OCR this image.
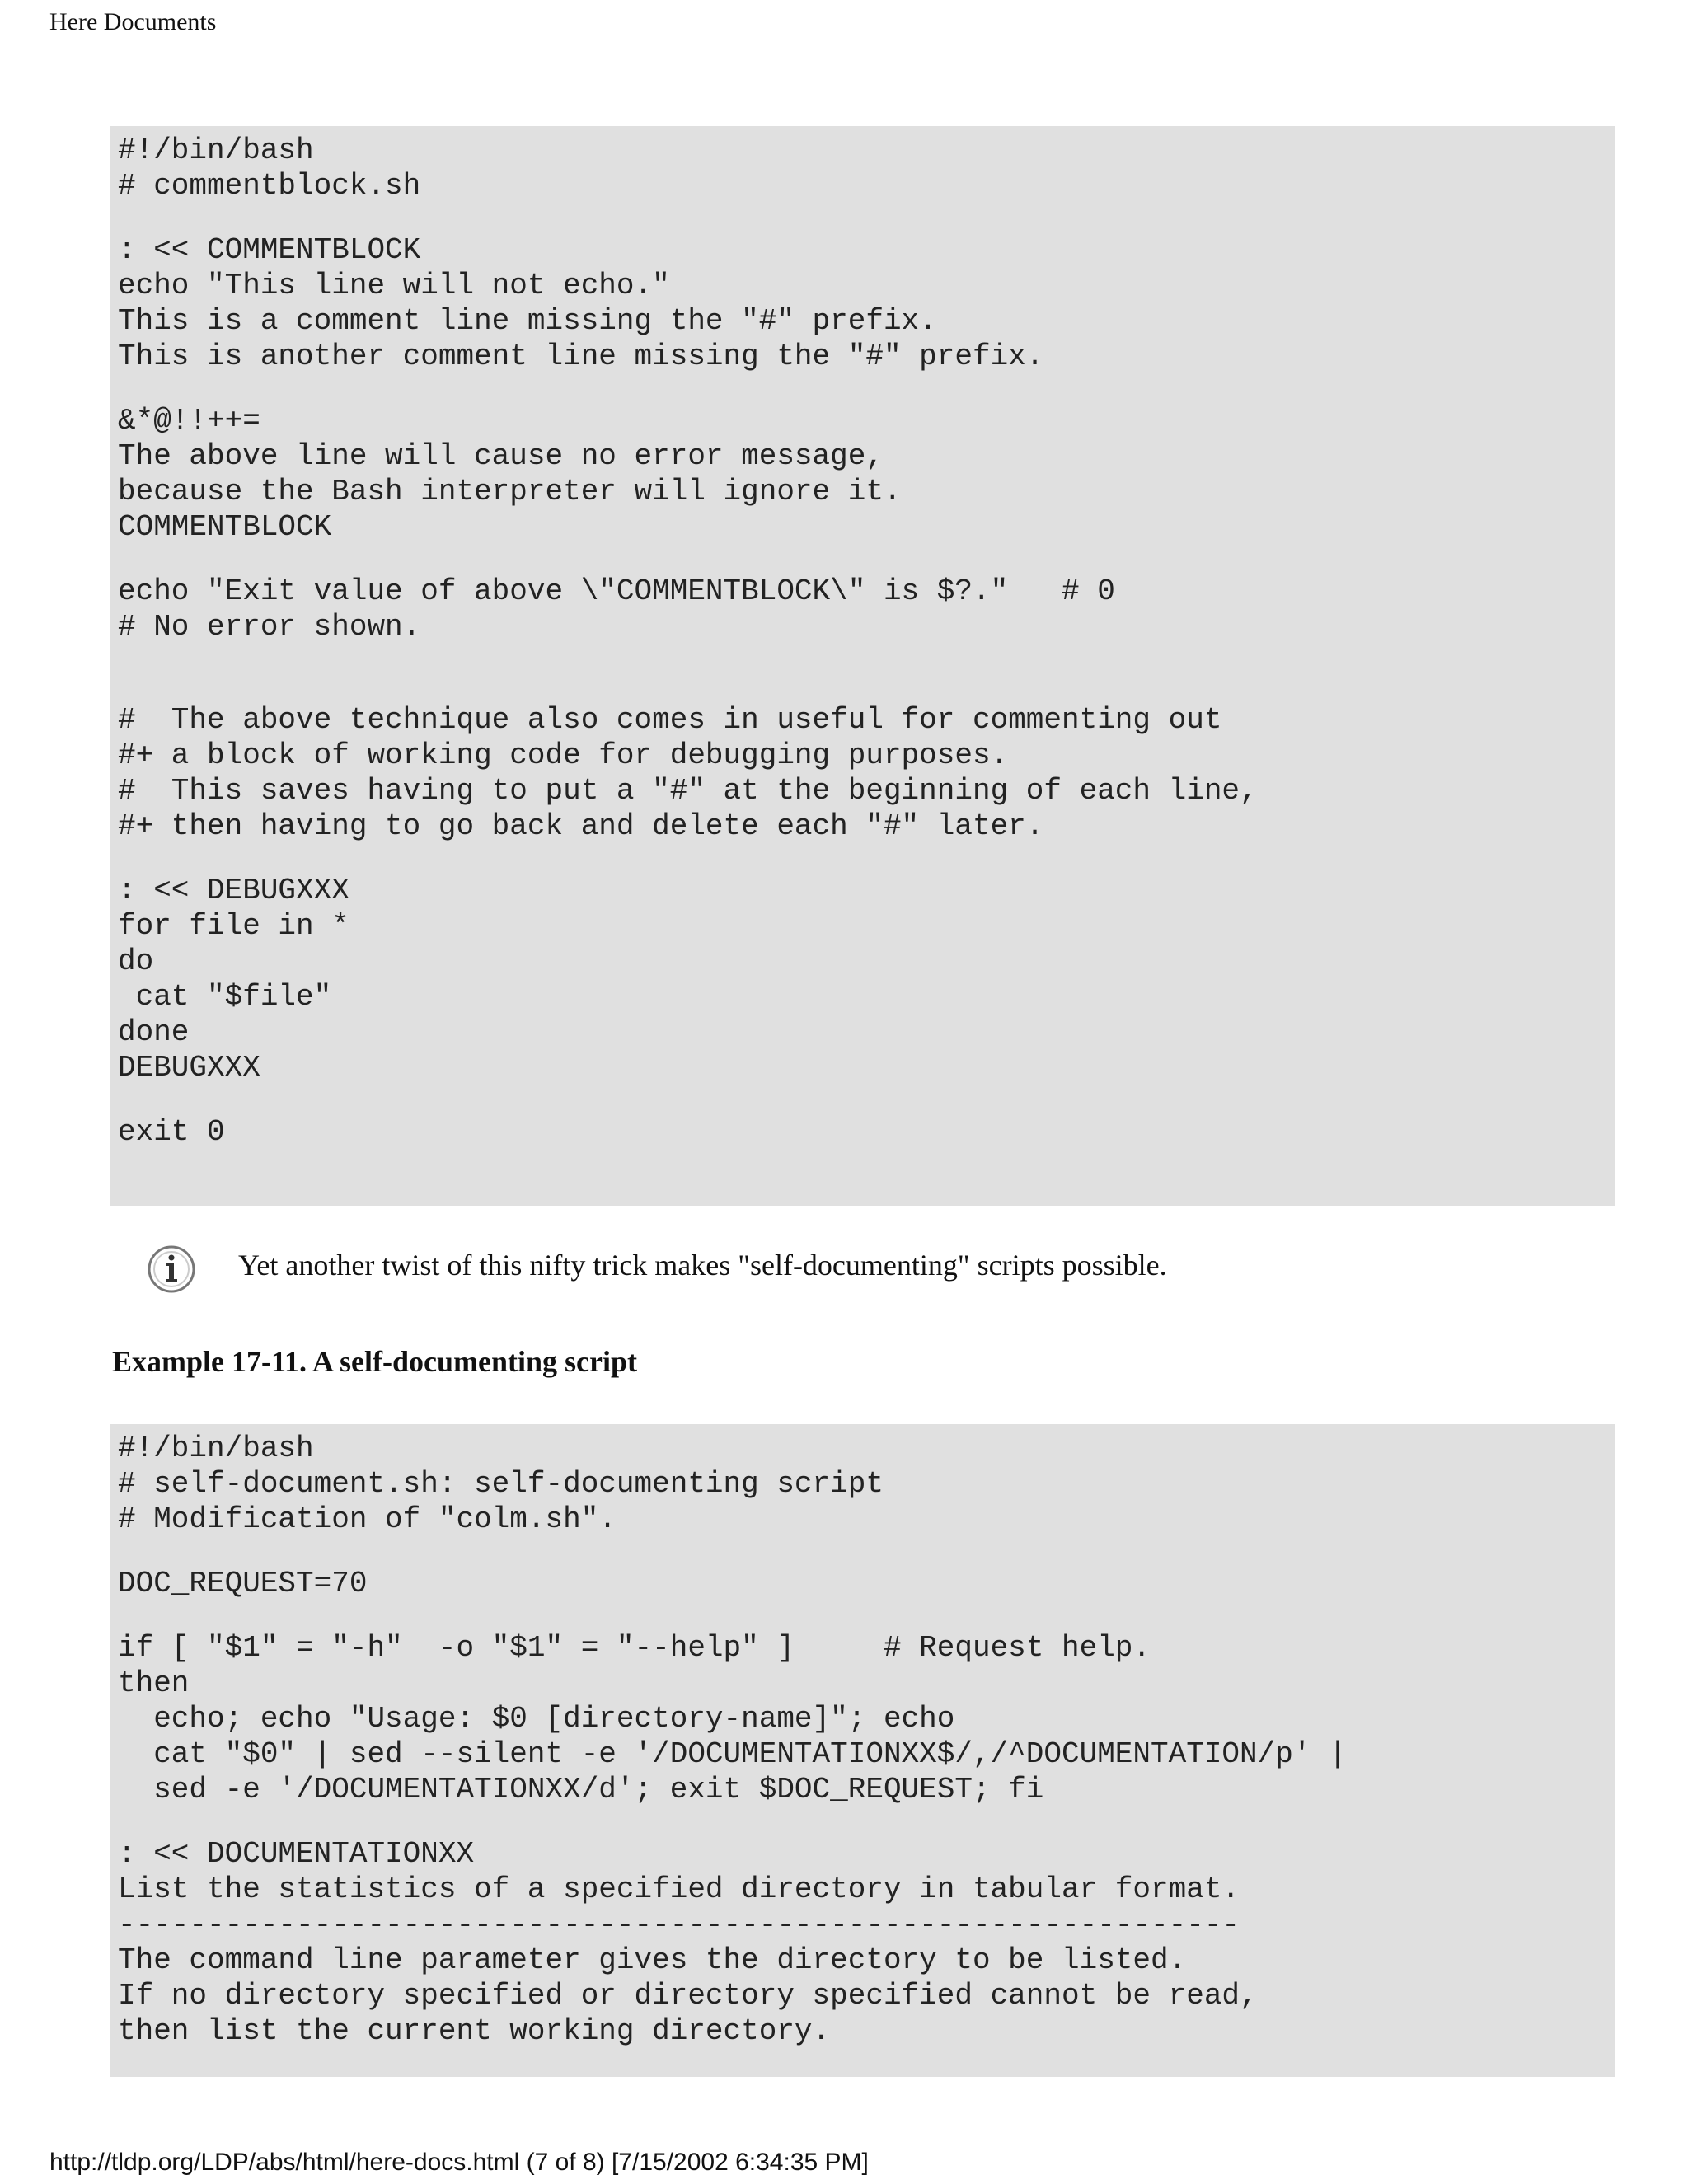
Here Documents
#!/bin/bash
# commentblock.sh
: << COMMENTBLOCK
echo "This line will not echo."
This is a comment line missing the "#" prefix.
This is another comment line missing the "#" prefix.
&*@!!++=
The above line will cause no error message,
because the Bash interpreter will ignore it.
COMMENTBLOCK
echo "Exit value of above \"COMMENTBLOCK\" is $?."   # 0
# No error shown.
#  The above technique also comes in useful for commenting out
#+ a block of working code for debugging purposes.
#  This saves having to put a "#" at the beginning of each line,
#+ then having to go back and delete each "#" later.
: << DEBUGXXX
for file in *
do
cat "$file"
done
DEBUGXXX
exit 0
Yet another twist of this nifty trick makes "self-documenting" scripts possible.
Example 17-11. A self-documenting script
#!/bin/bash
# self-document.sh: self-documenting script
# Modification of "colm.sh".
DOC_REQUEST=70
if [ "$1" = "-h"  -o "$1" = "--help" ]     # Request help.
then
echo; echo "Usage: $0 [directory-name]"; echo
cat "$0" | sed --silent -e '/DOCUMENTATIONXX$/,/^DOCUMENTATION/p' |
sed -e '/DOCUMENTATIONXX/d'; exit $DOC_REQUEST; fi
: << DOCUMENTATIONXX
List the statistics of a specified directory in tabular format.
---------------------------------------------------------------
The command line parameter gives the directory to be listed.
If no directory specified or directory specified cannot be read,
then list the current working directory.
http://tldp.org/LDP/abs/html/here-docs.html (7 of 8) [7/15/2002 6:34:35 PM]
